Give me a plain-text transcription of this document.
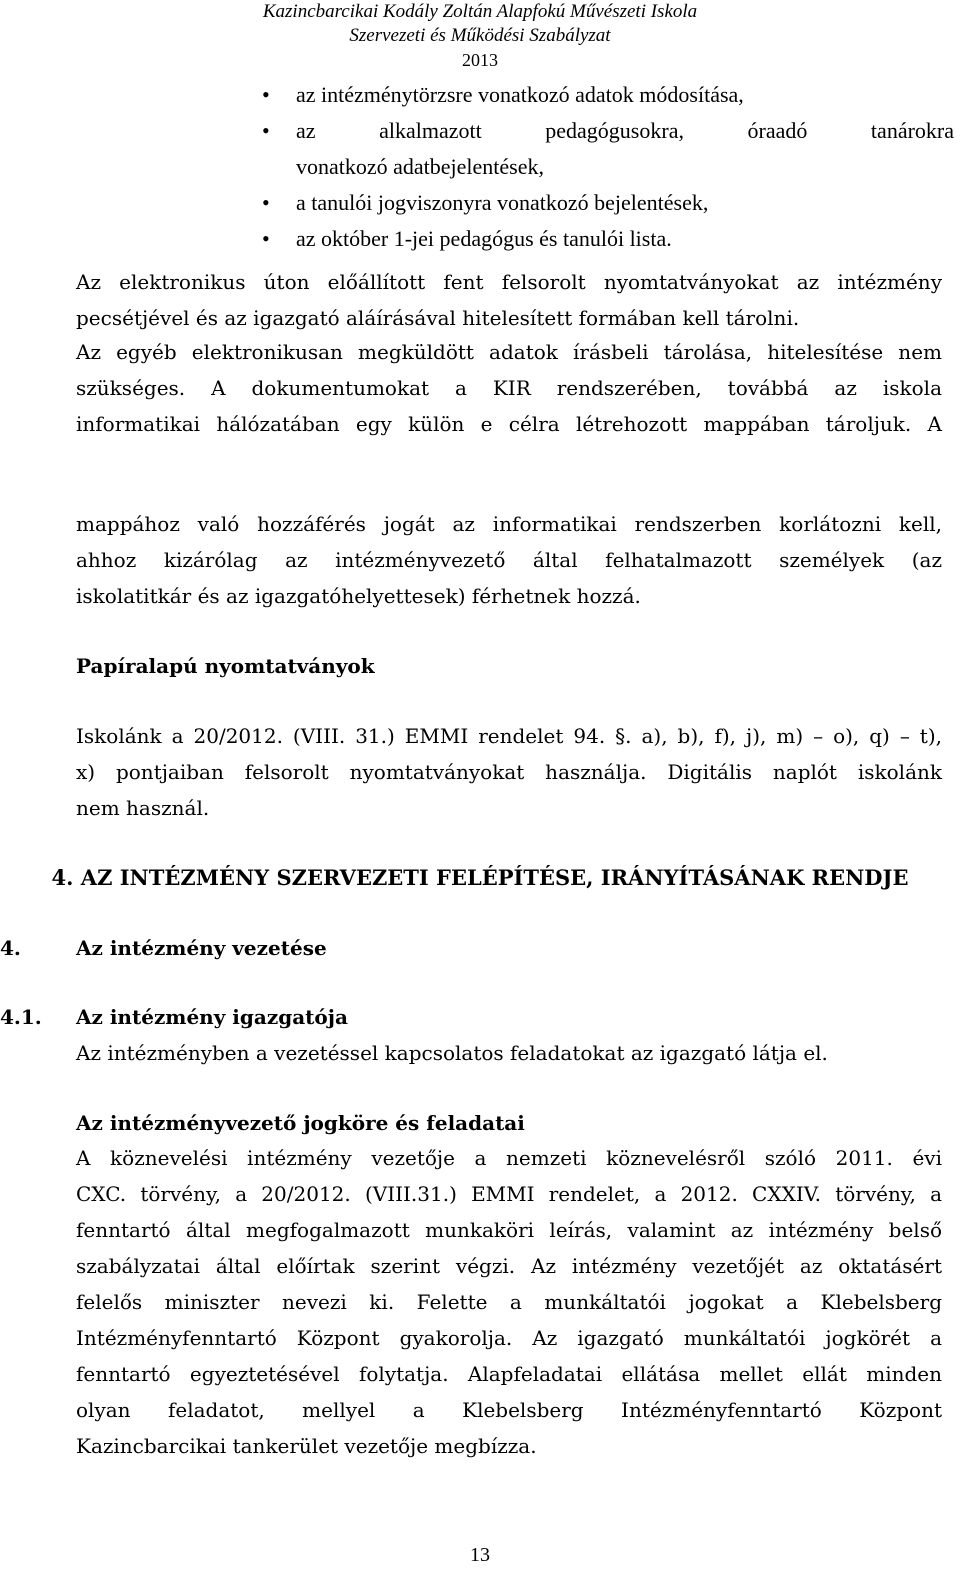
Kazincbarcikai Kodály Zoltán Alapfokú Művészeti Iskola
Szervezeti és Működési Szabályzat
2013
• az intézménytörzsre vonatkozó adatok módosítása,
• az alkalmazott pedagógusokra, óraadó tanárokra
vonatkozó adatbejelentések,
• a tanulói jogviszonyra vonatkozó bejelentések,
• az október 1-jei pedagógus és tanulói lista.
Az elektronikus úton előállított fent felsorolt nyomtatványokat az intézmény
pecsétjével és az igazgató aláírásával hitelesített formában kell tárolni.
Az egyéb elektronikusan megküldött adatok írásbeli tárolása, hitelesítése nem
szükséges. A dokumentumokat a KIR rendszerében, továbbá az iskola
informatikai hálózatában egy külön e célra létrehozott mappában tároljuk. A
mappához való hozzáférés jogát az informatikai rendszerben korlátozni kell,
ahhoz kizárólag az intézményvezető által felhatalmazott személyek (az
iskolatitkár és az igazgatóhelyettesek) férhetnek hozzá.
Papíralapú nyomtatványok
Iskolánk a 20/2012. (VIII. 31.) EMMI rendelet 94. §. a), b), f), j), m) – o), q) – t),
x) pontjaiban felsorolt nyomtatványokat használja. Digitális naplót iskolánk
nem használ.
4. AZ INTÉZMÉNY SZERVEZETI FELÉPÍTÉSE, IRÁNYÍTÁSÁNAK RENDJE
4.	Az intézmény vezetése
4.1. Az intézmény igazgatója
Az intézményben a vezetéssel kapcsolatos feladatokat az igazgató látja el.
Az intézményvezető jogköre és feladatai
A köznevelési intézmény vezetője a nemzeti köznevelésről szóló 2011. évi
CXC. törvény, a 20/2012. (VIII.31.) EMMI rendelet, a 2012. CXXIV. törvény, a
fenntartó által megfogalmazott munkaköri leírás, valamint az intézmény belső
szabályzatai által előírtak szerint végzi. Az intézmény vezetőjét az oktatásért
felelős miniszter nevezi ki. Felette a munkáltatói jogokat a Klebelsberg
Intézményfenntartó Központ gyakorolja. Az igazgató munkáltatói jogkörét a
fenntartó egyeztetésével folytatja. Alapfeladatai ellátása mellet ellát minden
olyan feladatot, mellyel a Klebelsberg Intézményfenntartó Központ
Kazincbarcikai tankerület vezetője megbízza.
13
